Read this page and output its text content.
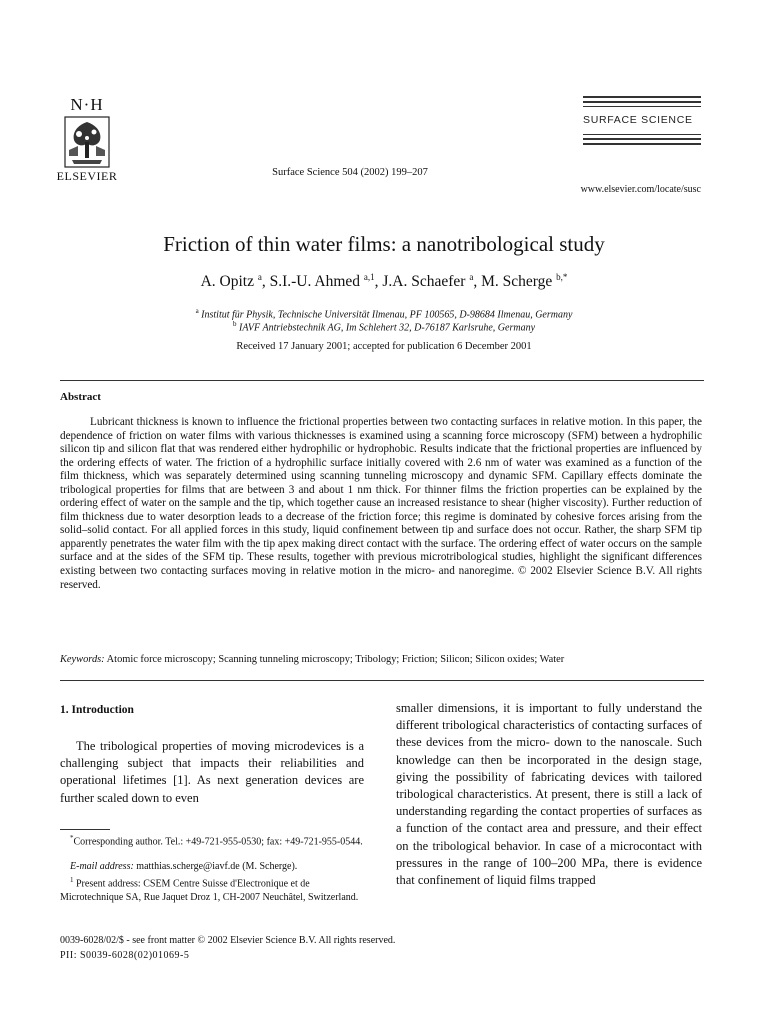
N·H
ELSEVIER	Surface Science 504 (2002) 199–207
SURFACE SCIENCE
www.elsevier.com/locate/susc
Friction of thin water films: a nanotribological study
A. Opitz $^a$, S.I.-U. Ahmed $^{a,1}$, J.A. Schaefer $^a$, M. Scherge $^{b,*}$
$^a$ Institut für Physik, Technische Universität Ilmenau, PF 100565, D-98684 Ilmenau, Germany
$^b$ IAVF Antriebstechnik AG, Im Schlehert 32, D-76187 Karlsruhe, Germany
Received 17 January 2001; accepted for publication 6 December 2001
Abstract
Lubricant thickness is known to influence the frictional properties between two contacting surfaces in relative motion. In this paper, the dependence of friction on water films with various thicknesses is examined using a scanning force microscopy (SFM) between a hydrophilic silicon tip and silicon flat that was rendered either hydrophilic or hydrophobic. Results indicate that the frictional properties are influenced by the ordering effects of water. The friction of a hydrophilic surface initially covered with 2.6 nm of water was examined as a function of the film thickness, which was separately determined using scanning tunneling microscopy and dynamic SFM. Capillary effects dominate the tribological properties for films that are between 3 and about 1 nm thick. For thinner films the friction properties can be explained by the ordering effect of water on the sample and the tip, which together cause an increased resistance to shear (higher viscosity). Further reduction of film thickness due to water desorption leads to a decrease of the friction force; this regime is dominated by cohesive forces arising from the solid–solid contact. For all applied forces in this study, liquid confinement between tip and surface does not occur. Rather, the sharp SFM tip apparently penetrates the water film with the tip apex making direct contact with the surface. The ordering effect of water occurs on the sample surface and at the sides of the SFM tip. These results, together with previous microtribological studies, highlight the significant differences existing between two contacting surfaces moving in relative motion in the micro- and nanoregime. © 2002 Elsevier Science B.V. All rights reserved.
Keywords: Atomic force microscopy; Scanning tunneling microscopy; Tribology; Friction; Silicon; Silicon oxides; Water
1. Introduction
The tribological properties of moving microdevices is a challenging subject that impacts their reliabilities and operational lifetimes [1]. As next generation devices are further scaled down to even
smaller dimensions, it is important to fully understand the different tribological characteristics of contacting surfaces of these devices from the micro- down to the nanoscale. Such knowledge can then be incorporated in the design stage, giving the possibility of fabricating devices with tailored tribological characteristics. At present, there is still a lack of understanding regarding the contact properties of surfaces as a function of the contact area and pressure, and their effect on the tribological behavior. In case of a microcontact with pressures in the range of 100–200 MPa, there is evidence that confinement of liquid films trapped
*Corresponding author. Tel.: +49-721-955-0530; fax: +49-721-955-0544.
E-mail address: matthias.scherge@iavf.de (M. Scherge).
$^1$ Present address: CSEM Centre Suisse d'Electronique et de Microtechnique SA, Rue Jaquet Droz 1, CH-2007 Neuchâtel, Switzerland.
0039-6028/02/$ - see front matter © 2002 Elsevier Science B.V. All rights reserved.
PII: S0039-6028(02)01069-5
